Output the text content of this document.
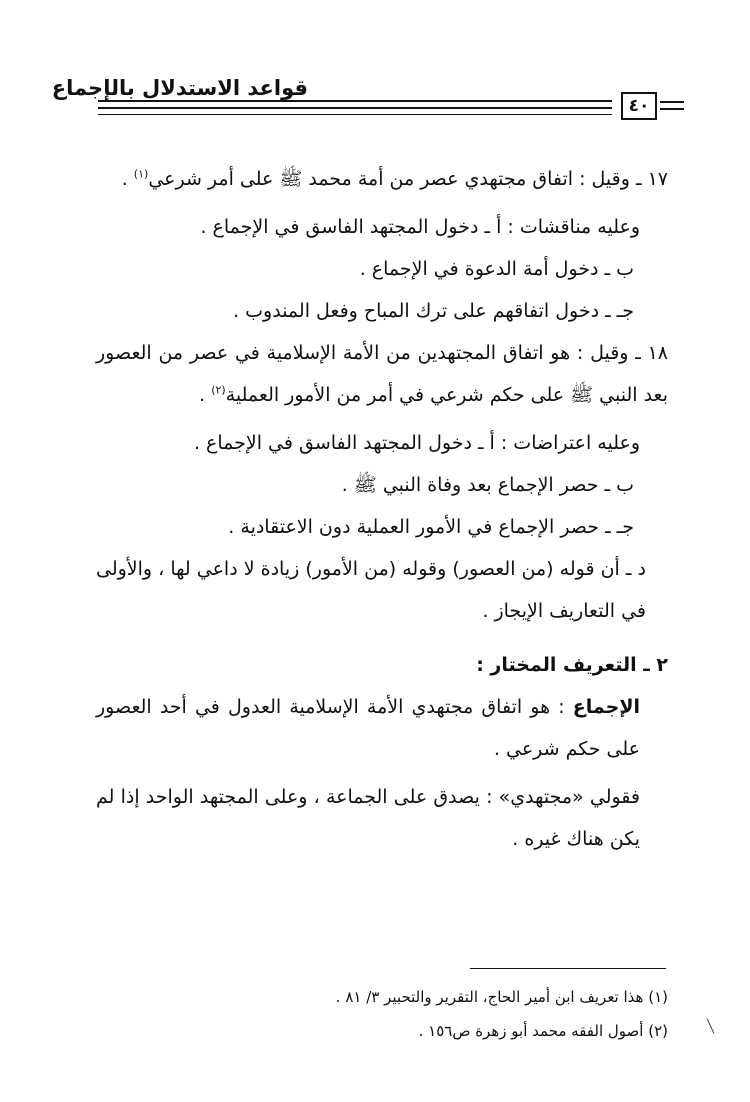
قواعد الاستدلال بالإجماع
٤٠

١٧ ـ وقيل : اتفاق مجتهدي عصر من أمة محمد ﷺ على أمر شرعي$^{(١)}$ .

وعليه مناقشات : أ ـ دخول المجتهد الفاسق في الإجماع .

ب ـ دخول أمة الدعوة في الإجماع .

جـ ـ دخول اتفاقهم على ترك المباح وفعل المندوب .

١٨ ـ وقيل : هو اتفاق المجتهدين من الأمة الإسلامية في عصر من العصور بعد النبي ﷺ على حكم شرعي في أمر من الأمور العملية$^{(٢)}$ .

وعليه اعتراضات : أ ـ دخول المجتهد الفاسق في الإجماع .

ب ـ حصر الإجماع بعد وفاة النبي ﷺ .

جـ ـ حصر الإجماع في الأمور العملية دون الاعتقادية .

د ـ أن قوله (من العصور) وقوله (من الأمور) زيادة لا داعي لها ، والأولى في التعاريف الإيجاز .

٢ ـ التعريف المختار :

الإجماع : هو اتفاق مجتهدي الأمة الإسلامية العدول في أحد العصور على حكم شرعي .

فقولي «مجتهدي» : يصدق على الجماعة ، وعلى المجتهد الواحد إذا لم يكن هناك غيره .

(١) هذا تعريف ابن أمير الحاج، التقرير والتحبير ٣/ ٨١ .

(٢) أصول الفقه محمد أبو زهرة ص١٥٦ .
